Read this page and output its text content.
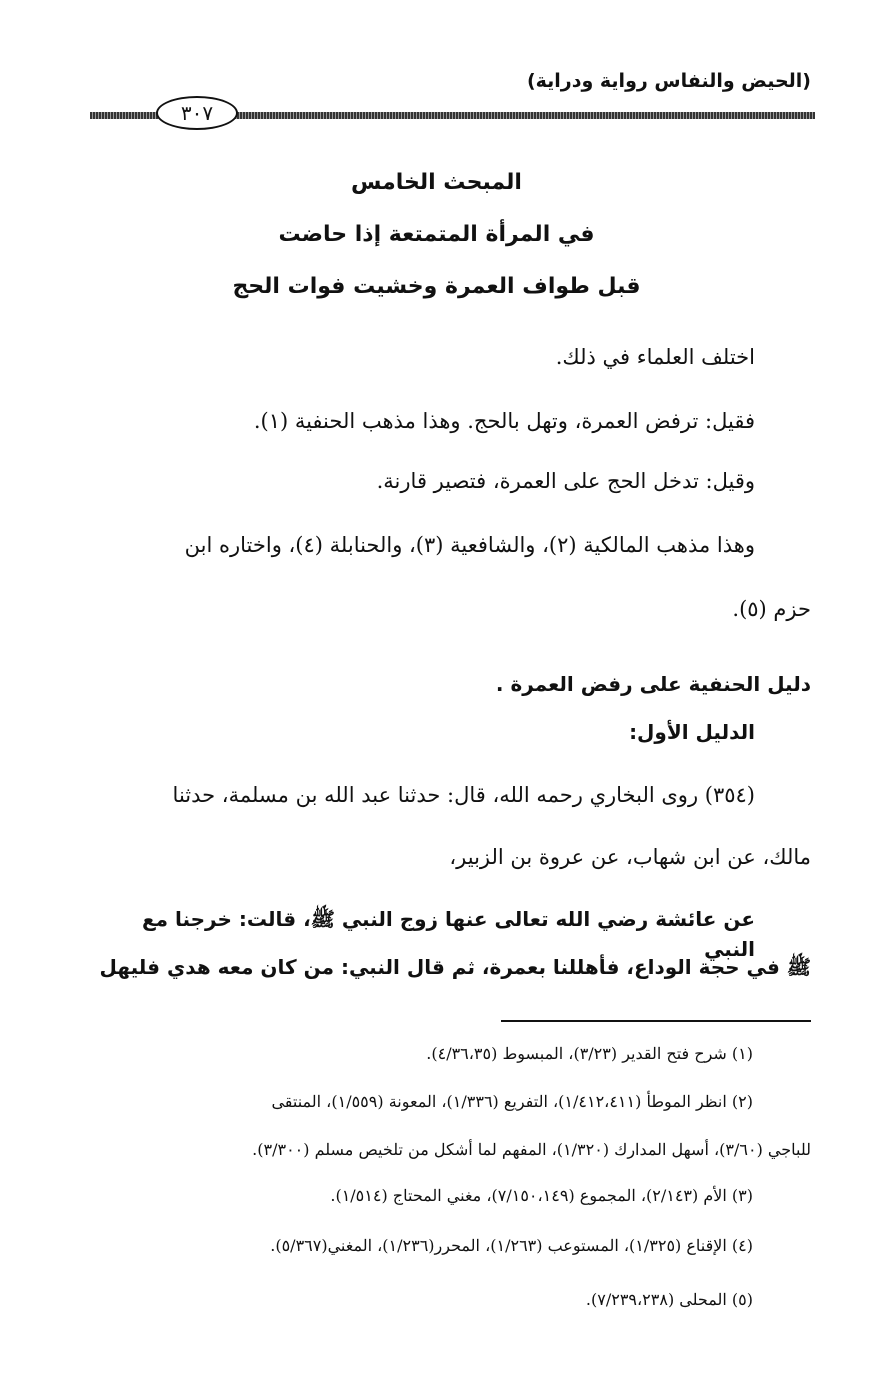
(الحيض والنفاس رواية ودراية)
٣٠٧
المبحث الخامس
في المرأة المتمتعة إذا حاضت
قبل طواف العمرة وخشيت فوات الحج
اختلف العلماء في ذلك.
فقيل: ترفض العمرة، وتهل بالحج. وهذا مذهب الحنفية (١).
وقيل: تدخل الحج على العمرة، فتصير قارنة.
وهذا مذهب المالكية (٢)، والشافعية (٣)، والحنابلة (٤)، واختاره ابن
حزم (٥).
دليل الحنفية على رفض العمرة .
الدليل الأول:
(٣٥٤) روى البخاري رحمه الله، قال: حدثنا عبد الله بن مسلمة، حدثنا
مالك، عن ابن شهاب، عن عروة بن الزبير،
عن عائشة رضي الله تعالى عنها زوج النبي ﷺ، قالت: خرجنا مع النبي
ﷺ في حجة الوداع، فأهللنا بعمرة، ثم قال النبي: من كان معه هدي فليهل
(١) شرح فتح القدير (٣/٢٣)، المبسوط (٤/٣٦،٣٥).
(٢) انظر الموطأ (١/٤١٢،٤١١)، التفريع (١/٣٣٦)، المعونة (١/٥٥٩)، المنتقى
للباجي (٣/٦٠)، أسهل المدارك (١/٣٢٠)، المفهم لما أشكل من تلخيص مسلم (٣/٣٠٠).
(٣) الأم (٢/١٤٣)، المجموع (٧/١٥٠،١٤٩)، مغني المحتاج (١/٥١٤).
(٤) الإقناع (١/٣٢٥)، المستوعب (١/٢٦٣)، المحرر(١/٢٣٦)، المغني(٥/٣٦٧).
(٥) المحلى (٧/٢٣٩،٢٣٨).
